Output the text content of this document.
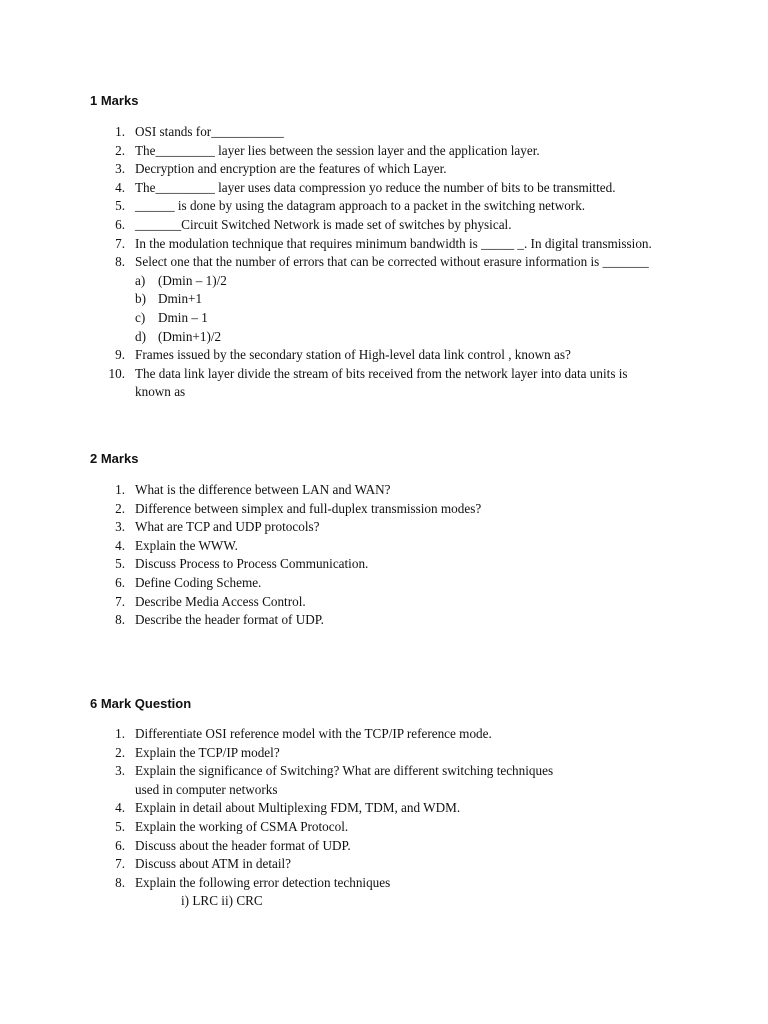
1 Marks
1. OSI stands for___________
2. The_________ layer lies between the session layer and the application layer.
3. Decryption and encryption are the features of which Layer.
4. The_________ layer uses data compression yo reduce the number of bits to be transmitted.
5. ______ is done by using the datagram approach to a packet in the switching network.
6. _______Circuit Switched Network is made set of switches by physical.
7. In the modulation technique that requires minimum bandwidth is _____ _. In digital transmission.
8. Select one that the number of errors that can be corrected without erasure information is _______
a) (Dmin – 1)/2
b) Dmin+1
c) Dmin – 1
d) (Dmin+1)/2
9. Frames issued by the secondary station of High-level data link control , known as?
10. The data link layer divide the stream of bits received from the network layer into data units is
known as
2 Marks
1. What is the difference between LAN and WAN?
2. Difference between simplex and full-duplex transmission modes?
3. What are TCP and UDP protocols?
4. Explain the WWW.
5. Discuss Process to Process Communication.
6. Define Coding Scheme.
7. Describe Media Access Control.
8. Describe the header format of UDP.
6 Mark Question
1. Differentiate OSI reference model with the TCP/IP reference mode.
2. Explain the TCP/IP model?
3. Explain the significance of Switching? What are different switching techniques
used in computer networks
4. Explain in detail about Multiplexing FDM, TDM, and WDM.
5. Explain the working of CSMA Protocol.
6. Discuss about the header format of UDP.
7. Discuss about ATM in detail?
8. Explain the following error detection techniques
i) LRC ii) CRC
